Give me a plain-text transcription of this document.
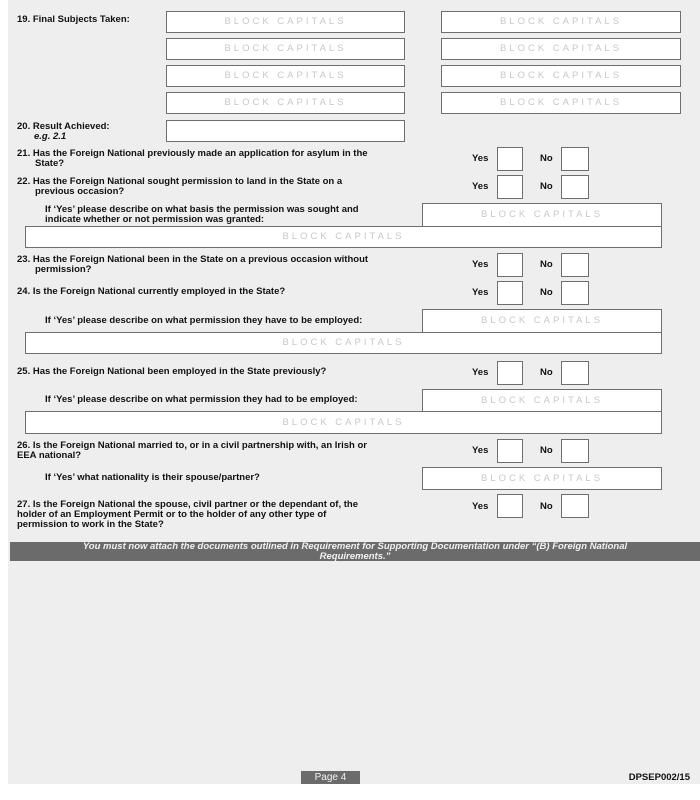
19. Final Subjects Taken:	BLOCK CAPITALS	BLOCK CAPITALS
BLOCK CAPITALS	BLOCK CAPITALS
BLOCK CAPITALS	BLOCK CAPITALS
BLOCK CAPITALS	BLOCK CAPITALS
20. Result Achieved:
e.g. 2.1
21. Has the Foreign National previously made an application for asylum in the
State?	Yes	No
22. Has the Foreign National sought permission to land in the State on a
previous occasion?	Yes	No
If ‘Yes’ please describe on what basis the permission was sought and
indicate whether or not permission was granted:	BLOCK CAPITALS
BLOCK CAPITALS
23. Has the Foreign National been in the State on a previous occasion without
permission?	Yes	No
24. Is the Foreign National currently employed in the State?	Yes	No
If ‘Yes’ please describe on what permission they have to be employed:	BLOCK CAPITALS
BLOCK CAPITALS
25. Has the Foreign National been employed in the State previously?	Yes	No
If ‘Yes’ please describe on what permission they had to be employed:	BLOCK CAPITALS
BLOCK CAPITALS
26. Is the Foreign National married to, or in a civil partnership with, an Irish or
EEA national?	Yes	No
If ‘Yes’ what nationality is their spouse/partner?	BLOCK CAPITALS
27. Is the Foreign National the spouse, civil partner or the dependant of, the
holder of an Employment Permit or to the holder of any other type of
permission to work in the State?
Yes	No
You must now attach the documents outlined in Requirement for Supporting Documentation under “(B) Foreign National
Requirements.”
Page 4	DPSEP002/15
